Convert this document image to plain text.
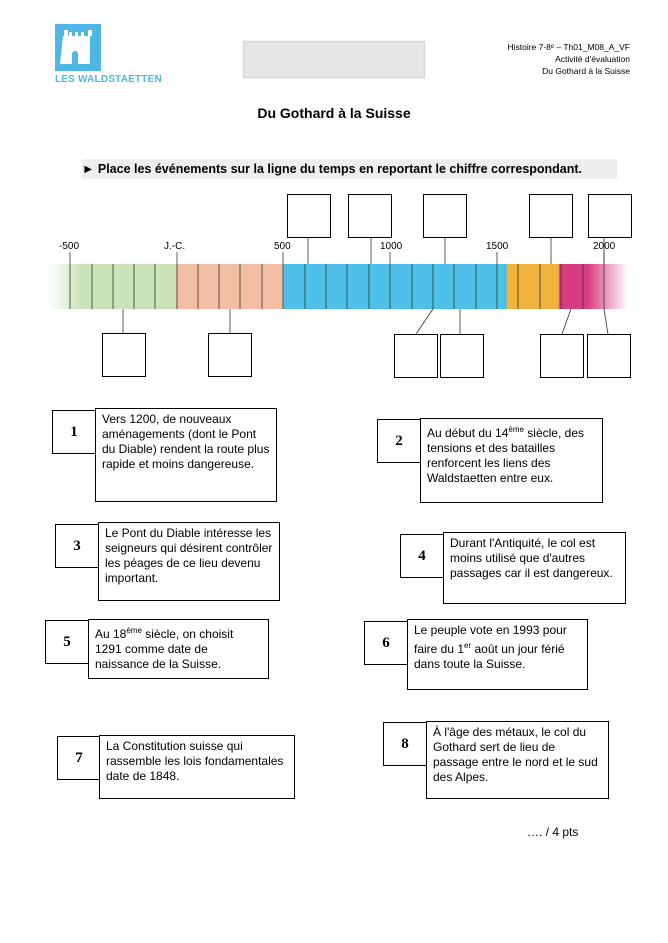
LES WALDSTAETTEN
Histoire 7-8ᵉ – Th01_M08_A_VF
Activité d'évaluation
Du Gothard à la Suisse
Du Gothard à la Suisse
► Place les événements sur la ligne du temps en reportant le chiffre correspondant.
-500	J.-C.	500	1000	1500	2000
1
Vers 1200, de nouveaux aménagements (dont le Pont du Diable) rendent la route plus rapide et moins dangereuse.
2	Au début du 14ème siècle, des tensions et des batailles renforcent les liens des Waldstaetten entre eux.
3
Le Pont du Diable intéresse les seigneurs qui désirent contrôler les péages de ce lieu devenu important.
4
Durant l'Antiquité, le col est moins utilisé que d'autres passages car il est dangereux.
5	Au 18ème siècle, on choisit 1291 comme date de naissance de la Suisse.
6
Le peuple vote en 1993 pour faire du 1er août un jour férié dans toute la Suisse.
7
La Constitution suisse qui rassemble les lois fondamentales date de 1848.
8
À l'âge des métaux, le col du Gothard sert de lieu de passage entre le nord et le sud des Alpes.
…. / 4 pts
